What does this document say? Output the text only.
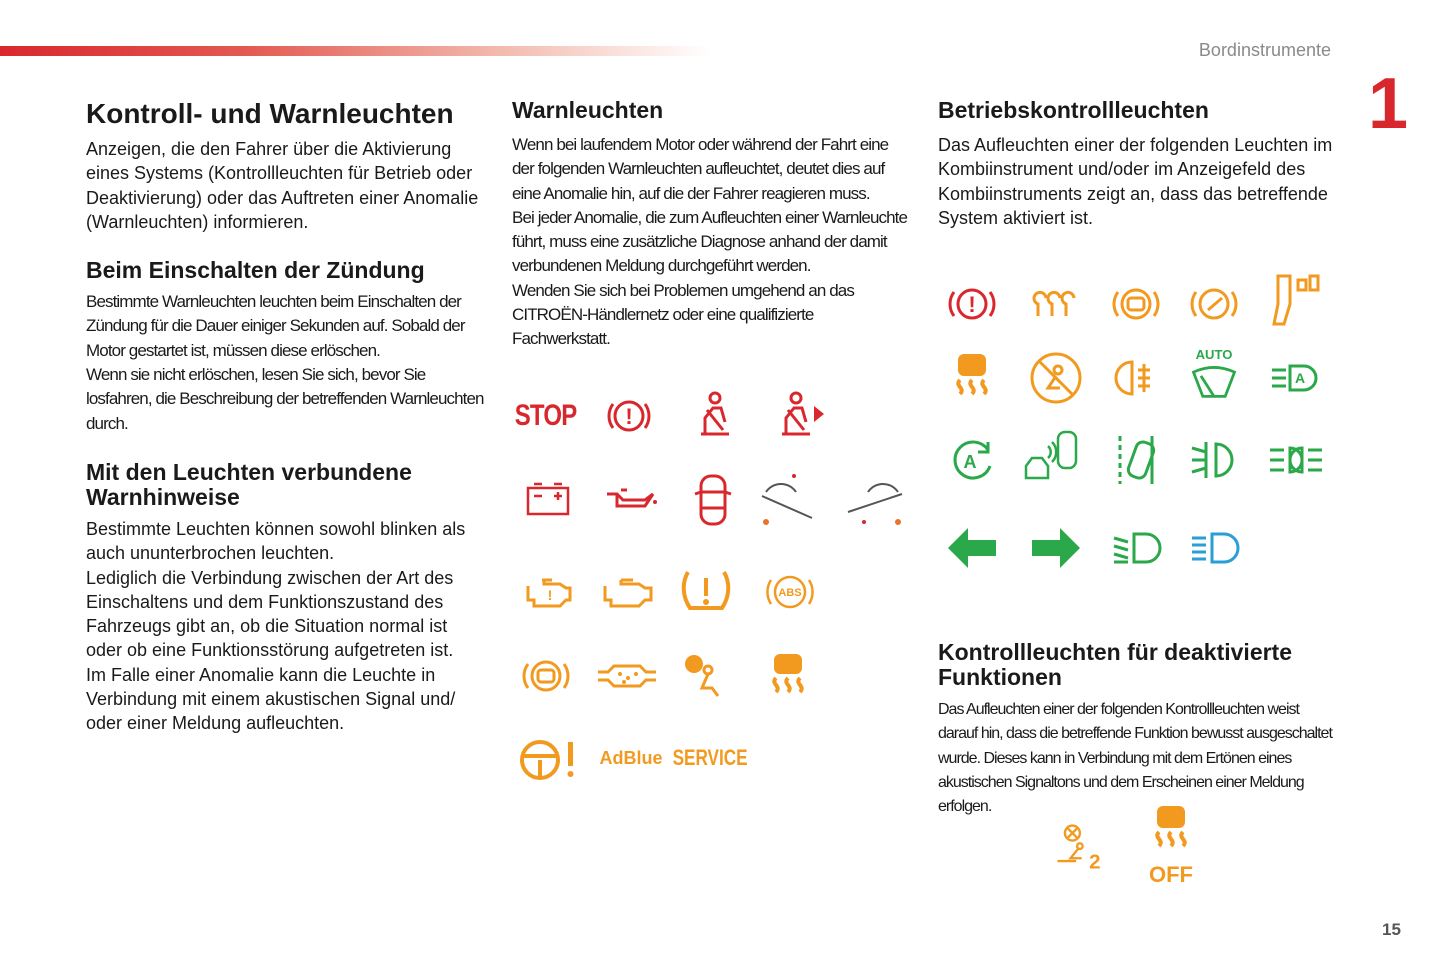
Bordinstrumente
1
15
Kontroll- und Warnleuchten

Anzeigen, die den Fahrer über die Aktivierung eines Systems (Kontrollleuchten für Betrieb oder Deaktivierung) oder das Auftreten einer Anomalie (Warnleuchten) informieren.

Beim Einschalten der Zündung

Bestimmte Warnleuchten leuchten beim Einschalten der Zündung für die Dauer einiger Sekunden auf. Sobald der Motor gestartet ist, müssen diese erlöschen.

Wenn sie nicht erlöschen, lesen Sie sich, bevor Sie losfahren, die Beschreibung der betreffenden Warnleuchten durch.

Mit den Leuchten verbundene Warnhinweise

Bestimmte Leuchten können sowohl blinken als auch ununterbrochen leuchten.

Lediglich die Verbindung zwischen der Art des Einschaltens und dem Funktionszustand des Fahrzeugs gibt an, ob die Situation normal ist oder ob eine Funktionsstörung aufgetreten ist.

Im Falle einer Anomalie kann die Leuchte in Verbindung mit einem akustischen Signal und/ oder einer Meldung aufleuchten.

Warnleuchten

Wenn bei laufendem Motor oder während der Fahrt eine der folgenden Warnleuchten aufleuchtet, deutet dies auf eine Anomalie hin, auf die der Fahrer reagieren muss.

Bei jeder Anomalie, die zum Aufleuchten einer Warnleuchte führt, muss eine zusätzliche Diagnose anhand der damit verbundenen Meldung durchgeführt werden.

Wenden Sie sich bei Problemen umgehend an das CITROËN-Händlernetz oder eine qualifizierte Fachwerkstatt.

Betriebskontrollleuchten

Das Aufleuchten einer der folgenden Leuchten im Kombiinstrument und/oder im Anzeigefeld des Kombiinstruments zeigt an, dass das betreffende System aktiviert ist.

Kontrollleuchten für deaktivierte Funktionen

Das Aufleuchten einer der folgenden Kontrollleuchten weist darauf hin, dass die betreffende Funktion bewusst ausgeschaltet wurde. Dieses kann in Verbindung mit dem Ertönen eines akustischen Signaltons und dem Erscheinen einer Meldung erfolgen.

STOP !
!	ABS
AdBlue SERVICE
!
AUTO
A
A
2 OFF
